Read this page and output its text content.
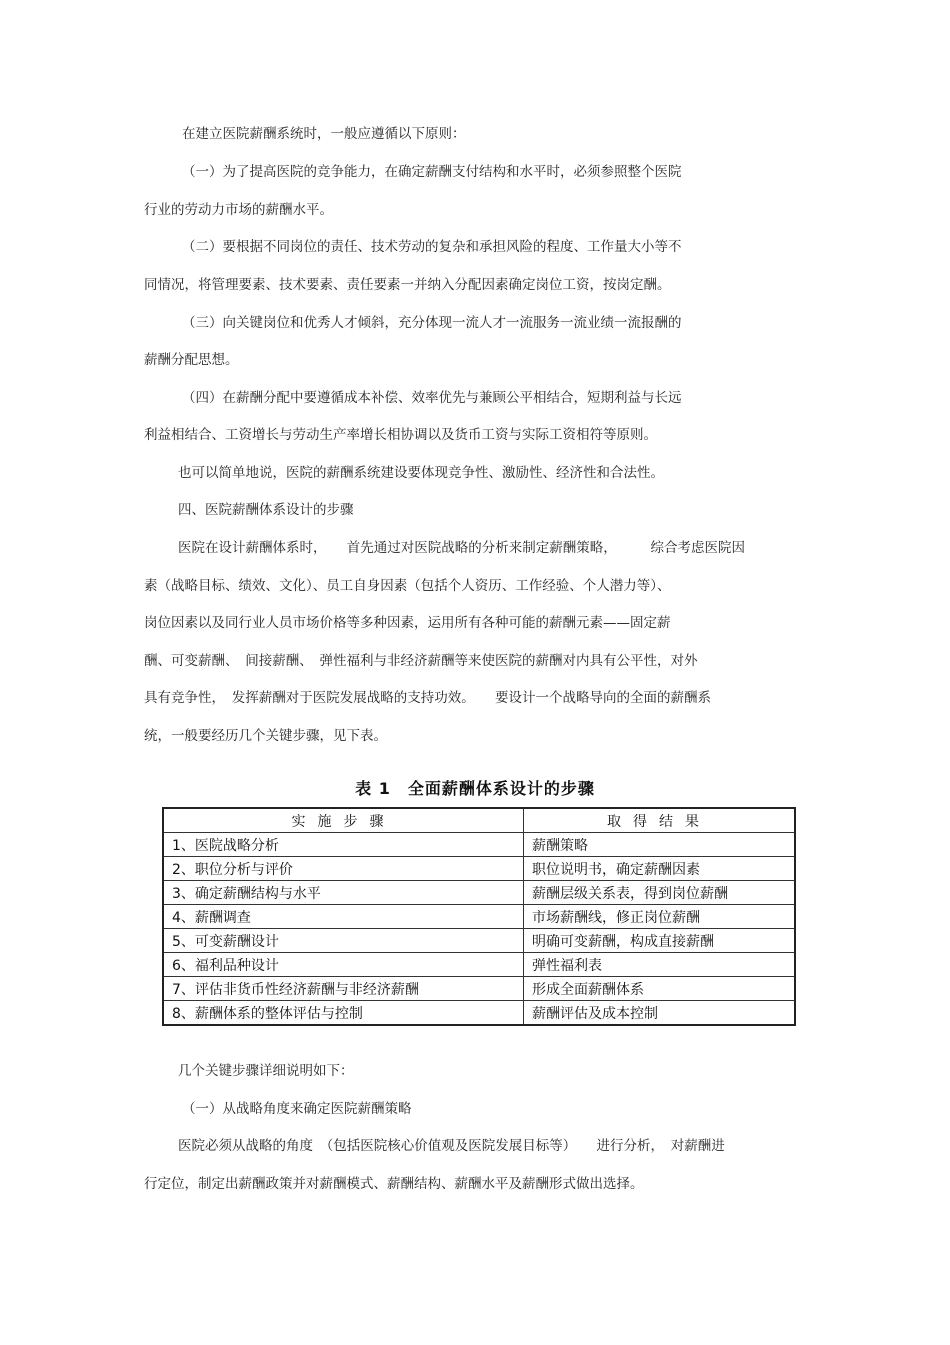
在建立医院薪酬系统时，一般应遵循以下原则：
（一）为了提高医院的竞争能力，在确定薪酬支付结构和水平时，必须参照整个医院
行业的劳动力市场的薪酬水平。
（二）要根据不同岗位的责任、技术劳动的复杂和承担风险的程度、工作量大小等不
同情况，将管理要素、技术要素、责任要素一并纳入分配因素确定岗位工资，按岗定酬。
（三）向关键岗位和优秀人才倾斜，充分体现一流人才一流服务一流业绩一流报酬的
薪酬分配思想。
（四）在薪酬分配中要遵循成本补偿、效率优先与兼顾公平相结合，短期利益与长远
利益相结合、工资增长与劳动生产率增长相协调以及货币工资与实际工资相符等原则。
也可以简单地说，医院的薪酬系统建设要体现竞争性、激励性、经济性和合法性。
四、医院薪酬体系设计的步骤
医院在设计薪酬体系时，　　首先通过对医院战略的分析来制定薪酬策略，　　　综合考虑医院因
素（战略目标、绩效、文化）、员工自身因素（包括个人资历、工作经验、个人潜力等）、
岗位因素以及同行业人员市场价格等多种因素，运用所有各种可能的薪酬元素——固定薪
酬、可变薪酬、　间接薪酬、　弹性福利与非经济薪酬等来使医院的薪酬对内具有公平性，对外
具有竞争性，　发挥薪酬对于医院发展战略的支持功效。　　要设计一个战略导向的全面的薪酬系
统，一般要经历几个关键步骤，见下表。
表 1　全面薪酬体系设计的步骤
实施步骤	取得结果
1、医院战略分析	薪酬策略
2、职位分析与评价	职位说明书，确定薪酬因素
3、确定薪酬结构与水平	薪酬层级关系表，得到岗位薪酬
4、薪酬调查	市场薪酬线，修正岗位薪酬
5、可变薪酬设计	明确可变薪酬，构成直接薪酬
6、福利品种设计	弹性福利表
7、评估非货币性经济薪酬与非经济薪酬	形成全面薪酬体系
8、薪酬体系的整体评估与控制	薪酬评估及成本控制
几个关键步骤详细说明如下：
（一）从战略角度来确定医院薪酬策略
医院必须从战略的角度　（包括医院核心价值观及医院发展目标等）　　进行分析，　对薪酬进
行定位，制定出薪酬政策并对薪酬模式、薪酬结构、薪酬水平及薪酬形式做出选择。
